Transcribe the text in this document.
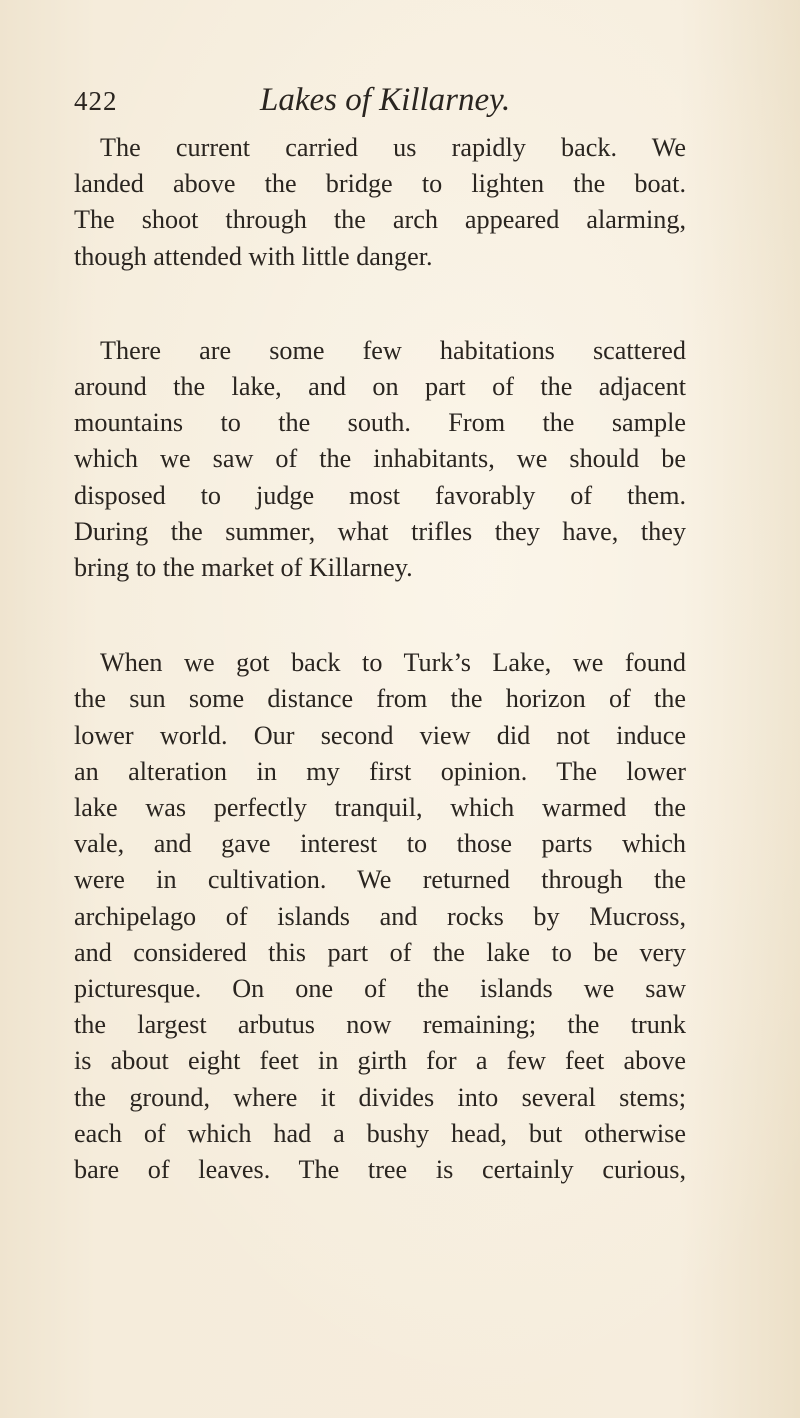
422	Lakes of Killarney.

The current carried us rapidly back. We
landed above the bridge to lighten the boat.
The shoot through the arch appeared alarming,
though attended with little danger.

There are some few habitations scattered
around the lake, and on part of the adjacent
mountains to the south. From the sample
which we saw of the inhabitants, we should be
disposed to judge most favorably of them.
During the summer, what trifles they have, they
bring to the market of Killarney.

When we got back to Turk’s Lake, we found
the sun some distance from the horizon of the
lower world. Our second view did not induce
an alteration in my first opinion. The lower
lake was perfectly tranquil, which warmed the
vale, and gave interest to those parts which
were in cultivation. We returned through the
archipelago of islands and rocks by Mucross,
and considered this part of the lake to be very
picturesque. On one of the islands we saw
the largest arbutus now remaining; the trunk
is about eight feet in girth for a few feet above
the ground, where it divides into several stems;
each of which had a bushy head, but otherwise
bare of leaves. The tree is certainly curious,
